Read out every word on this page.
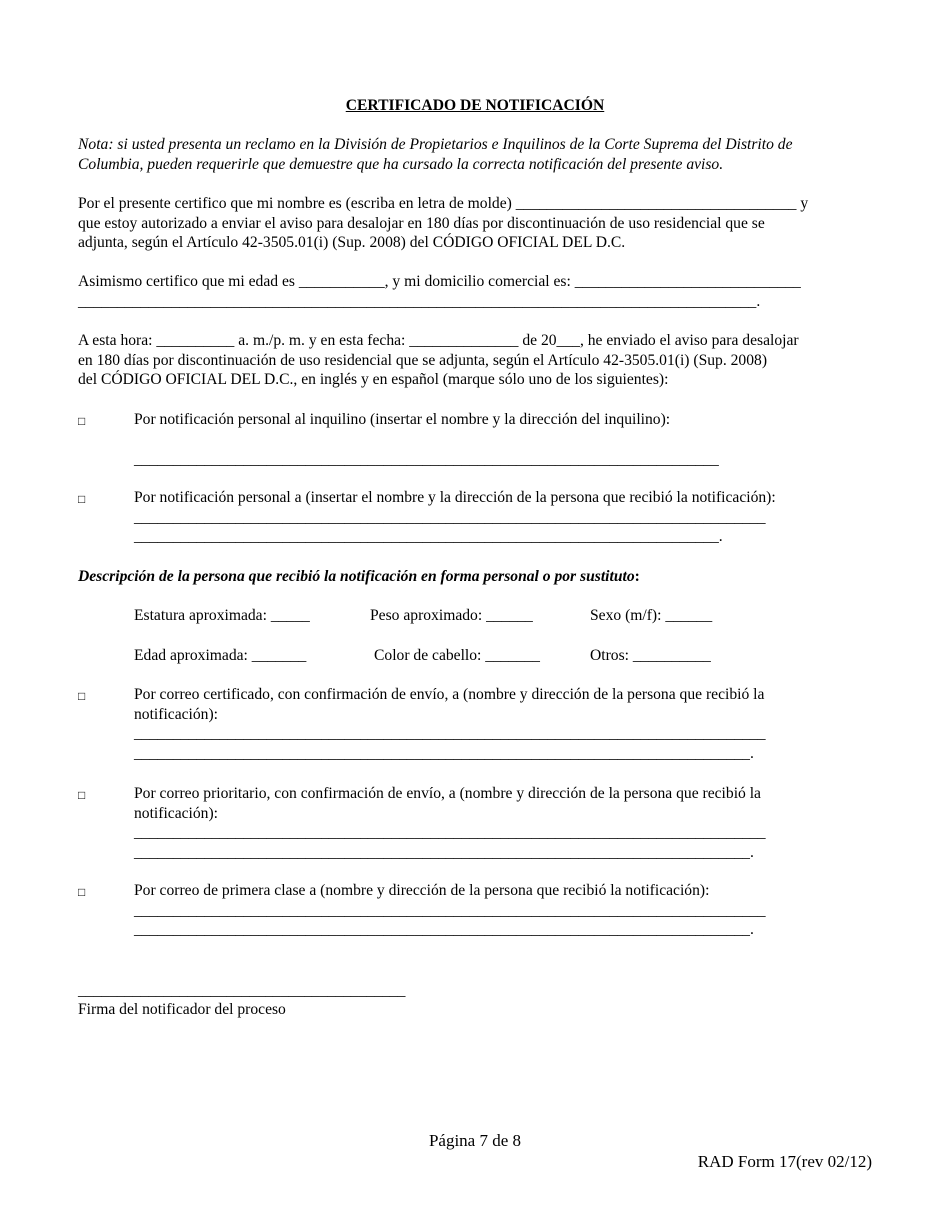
CERTIFICADO DE NOTIFICACIÓN
Nota: si usted presenta un reclamo en la División de Propietarios e Inquilinos de la Corte Suprema del Distrito de
Columbia, pueden requerirle que demuestre que ha cursado la correcta notificación del presente aviso.
Por el presente certifico que mi nombre es (escriba en letra de molde) ____________________________________ y
que estoy autorizado a enviar el aviso para desalojar en 180 días por discontinuación de uso residencial que se
adjunta, según el Artículo 42-3505.01(i) (Sup. 2008) del CÓDIGO OFICIAL DEL D.C.
Asimismo certifico que mi edad es ___________, y mi domicilio comercial es: _____________________________
_______________________________________________________________________________________.
A esta hora: __________ a. m./p. m. y en esta fecha: ______________ de 20___, he enviado el aviso para desalojar
en 180 días por discontinuación de uso residencial que se adjunta, según el Artículo 42-3505.01(i) (Sup. 2008)
del CÓDIGO OFICIAL DEL D.C., en inglés y en español (marque sólo uno de los siguientes):
□	Por notificación personal al inquilino (insertar el nombre y la dirección del inquilino):
___________________________________________________________________________
□	Por notificación personal a (insertar el nombre y la dirección de la persona que recibió la notificación):
_________________________________________________________________________________
___________________________________________________________________________.
Descripción de la persona que recibió la notificación en forma personal o por sustituto:
Estatura aproximada: _____	Peso aproximado: ______	Sexo (m/f): ______
Edad aproximada: _______	Color de cabello: _______	Otros: __________
□	Por correo certificado, con confirmación de envío, a (nombre y dirección de la persona que recibió la
notificación):
_________________________________________________________________________________
_______________________________________________________________________________.
□	Por correo prioritario, con confirmación de envío, a (nombre y dirección de la persona que recibió la
notificación):
_________________________________________________________________________________
_______________________________________________________________________________.
□	Por correo de primera clase a (nombre y dirección de la persona que recibió la notificación):
_________________________________________________________________________________
_______________________________________________________________________________.
__________________________________________
Firma del notificador del proceso
Página 7 de 8
RAD Form 17(rev 02/12)
